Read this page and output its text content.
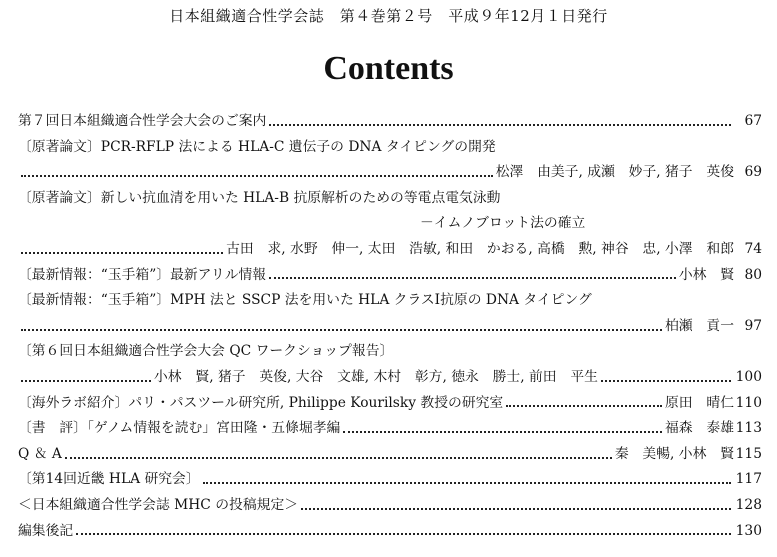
日本組織適合性学会誌　第４巻第２号　平成９年12月１日発行
Contents
第７回日本組織適合性学会大会のご案内	67
〔原著論文〕PCR-RFLP 法による HLA-C 遺伝子の DNA タイピングの開発
松澤　由美子, 成瀬　妙子, 猪子　英俊 69
〔原著論文〕新しい抗血清を用いた HLA-B 抗原解析のための等電点電気泳動
－イムノブロット法の確立
古田　求, 水野　伸一, 太田　浩敏, 和田　かおる, 高橋　勲, 神谷　忠, 小澤　和郎 74
〔最新情報：“玉手箱”〕最新アリル情報	小林　賢 80
〔最新情報：“玉手箱”〕MPH 法と SSCP 法を用いた HLA クラスⅠ抗原の DNA タイピング
柏瀬　貢一 97
〔第６回日本組織適合性学会大会 QC ワークショップ報告〕
小林　賢, 猪子　英俊, 大谷　文雄, 木村　彰方, 徳永　勝士, 前田　平生	100
〔海外ラボ紹介〕パリ・パスツール研究所, Philippe Kourilsky 教授の研究室	原田　晴仁 110
〔書　評〕「ゲノム情報を読む」宮田隆・五條堀孝編	福森　泰雄 113
Q ＆ A	秦　美暢, 小林　賢 115
〔第14回近畿 HLA 研究会〕	117
＜日本組織適合性学会誌 MHC の投稿規定＞	128
編集後記	130
